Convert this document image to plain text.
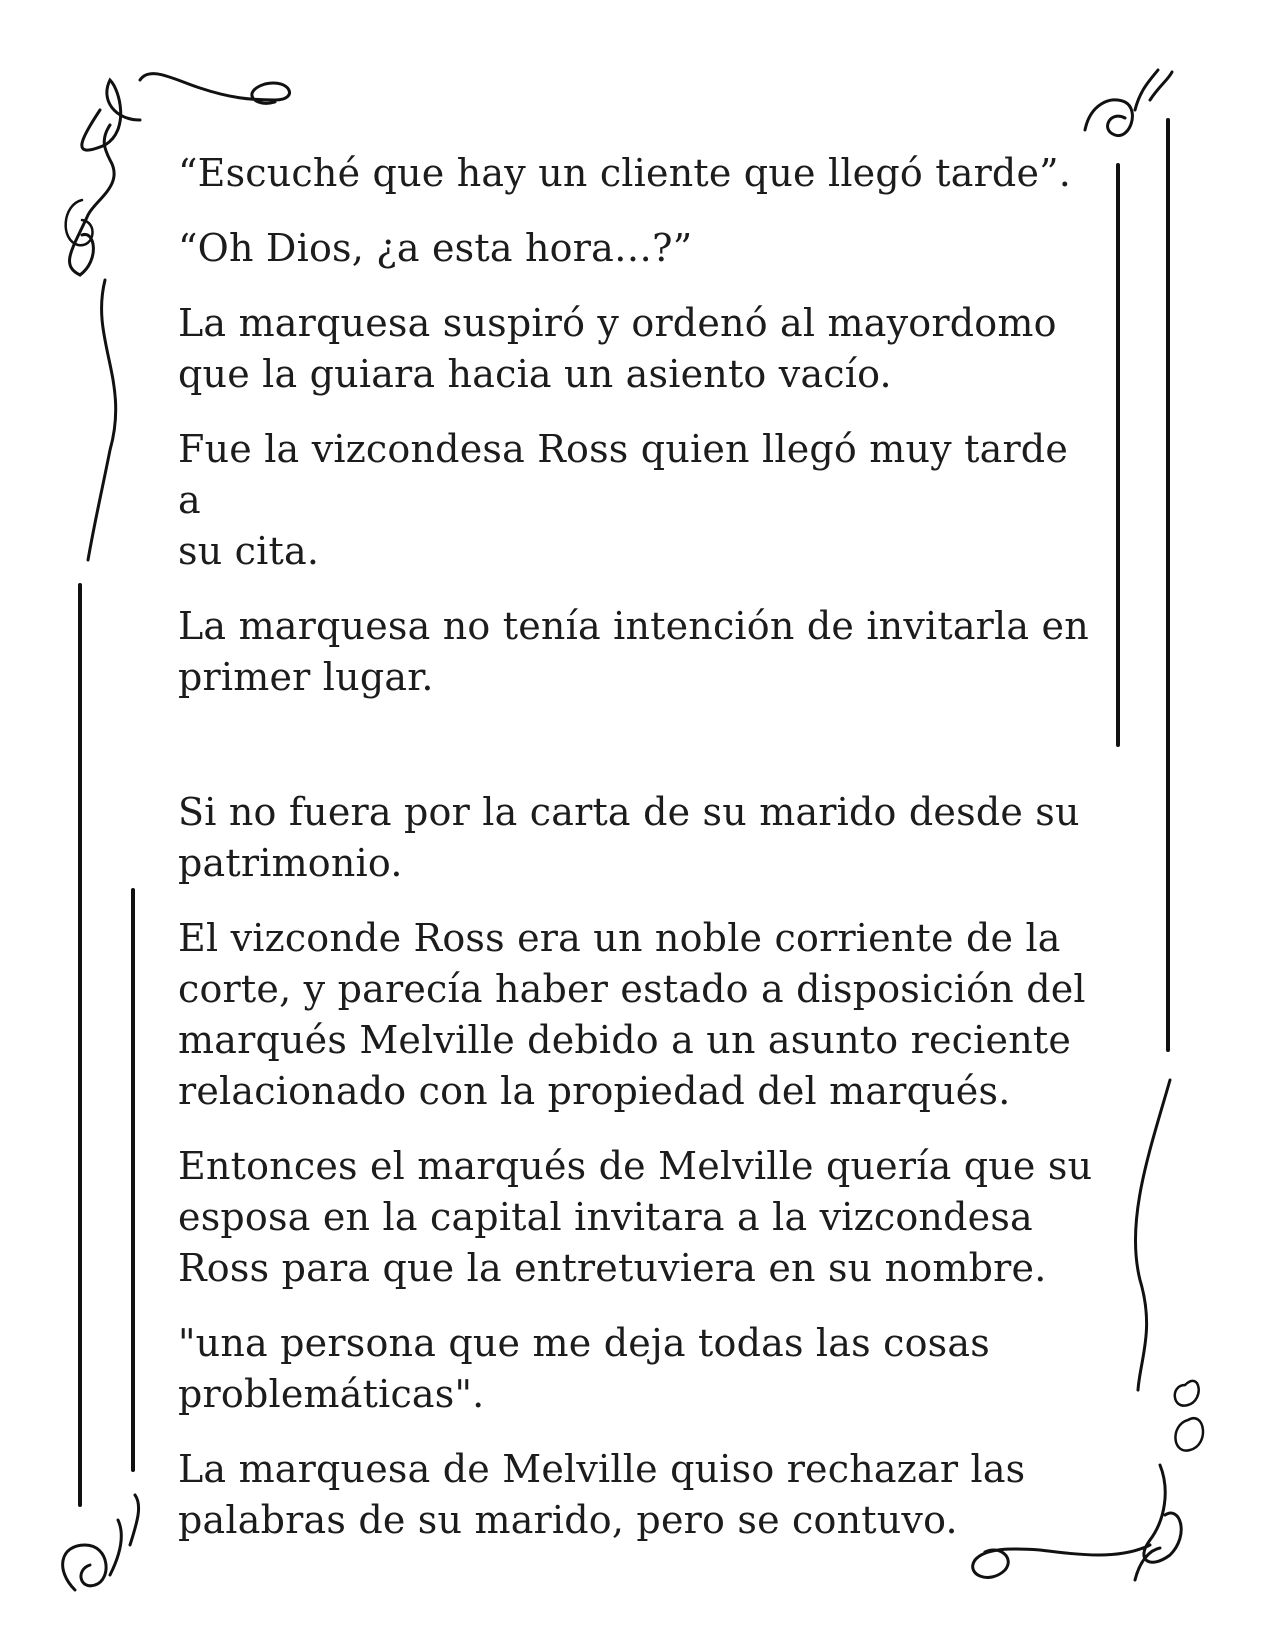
“Escuché que hay un cliente que llegó tarde”.

“Oh Dios, ¿a esta hora…?”

La marquesa suspiró y ordenó al mayordomo
que la guiara hacia un asiento vacío.

Fue la vizcondesa Ross quien llegó muy tarde a
su cita.

La marquesa no tenía intención de invitarla en
primer lugar.

Si no fuera por la carta de su marido desde su
patrimonio.

El vizconde Ross era un noble corriente de la
corte, y parecía haber estado a disposición del
marqués Melville debido a un asunto reciente
relacionado con la propiedad del marqués.

Entonces el marqués de Melville quería que su
esposa en la capital invitara a la vizcondesa
Ross para que la entretuviera en su nombre.

"una persona que me deja todas las cosas
problemáticas".

La marquesa de Melville quiso rechazar las
palabras de su marido, pero se contuvo.
